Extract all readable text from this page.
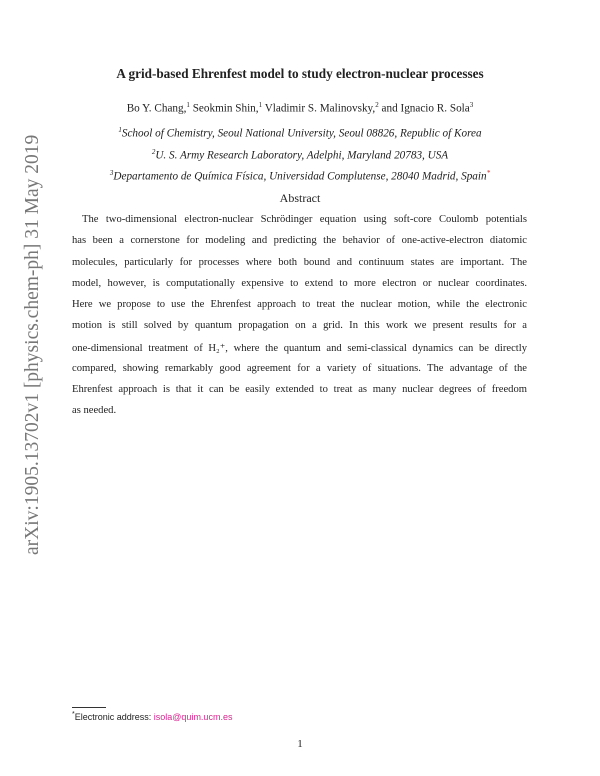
arXiv:1905.13702v1 [physics.chem-ph] 31 May 2019
A grid-based Ehrenfest model to study electron-nuclear processes
Bo Y. Chang,$^1$ Seokmin Shin,$^1$ Vladimir S. Malinovsky,$^2$ and Ignacio R. Sola$^3$
$^1$School of Chemistry, Seoul National University, Seoul 08826, Republic of Korea
$^2$U. S. Army Research Laboratory, Adelphi, Maryland 20783, USA
$^3$Departamento de Química Física, Universidad Complutense, 28040 Madrid, Spain*
Abstract
The two-dimensional electron-nuclear Schrödinger equation using soft-core Coulomb potentials
has been a cornerstone for modeling and predicting the behavior of one-active-electron diatomic
molecules, particularly for processes where both bound and continuum states are important. The
model, however, is computationally expensive to extend to more electron or nuclear coordinates.
Here we propose to use the Ehrenfest approach to treat the nuclear motion, while the electronic
motion is still solved by quantum propagation on a grid. In this work we present results for a
one-dimensional treatment of H₂⁺, where the quantum and semi-classical dynamics can be directly
compared, showing remarkably good agreement for a variety of situations. The advantage of the
Ehrenfest approach is that it can be easily extended to treat as many nuclear degrees of freedom
as needed.
*Electronic address: isola@quim.ucm.es
1
